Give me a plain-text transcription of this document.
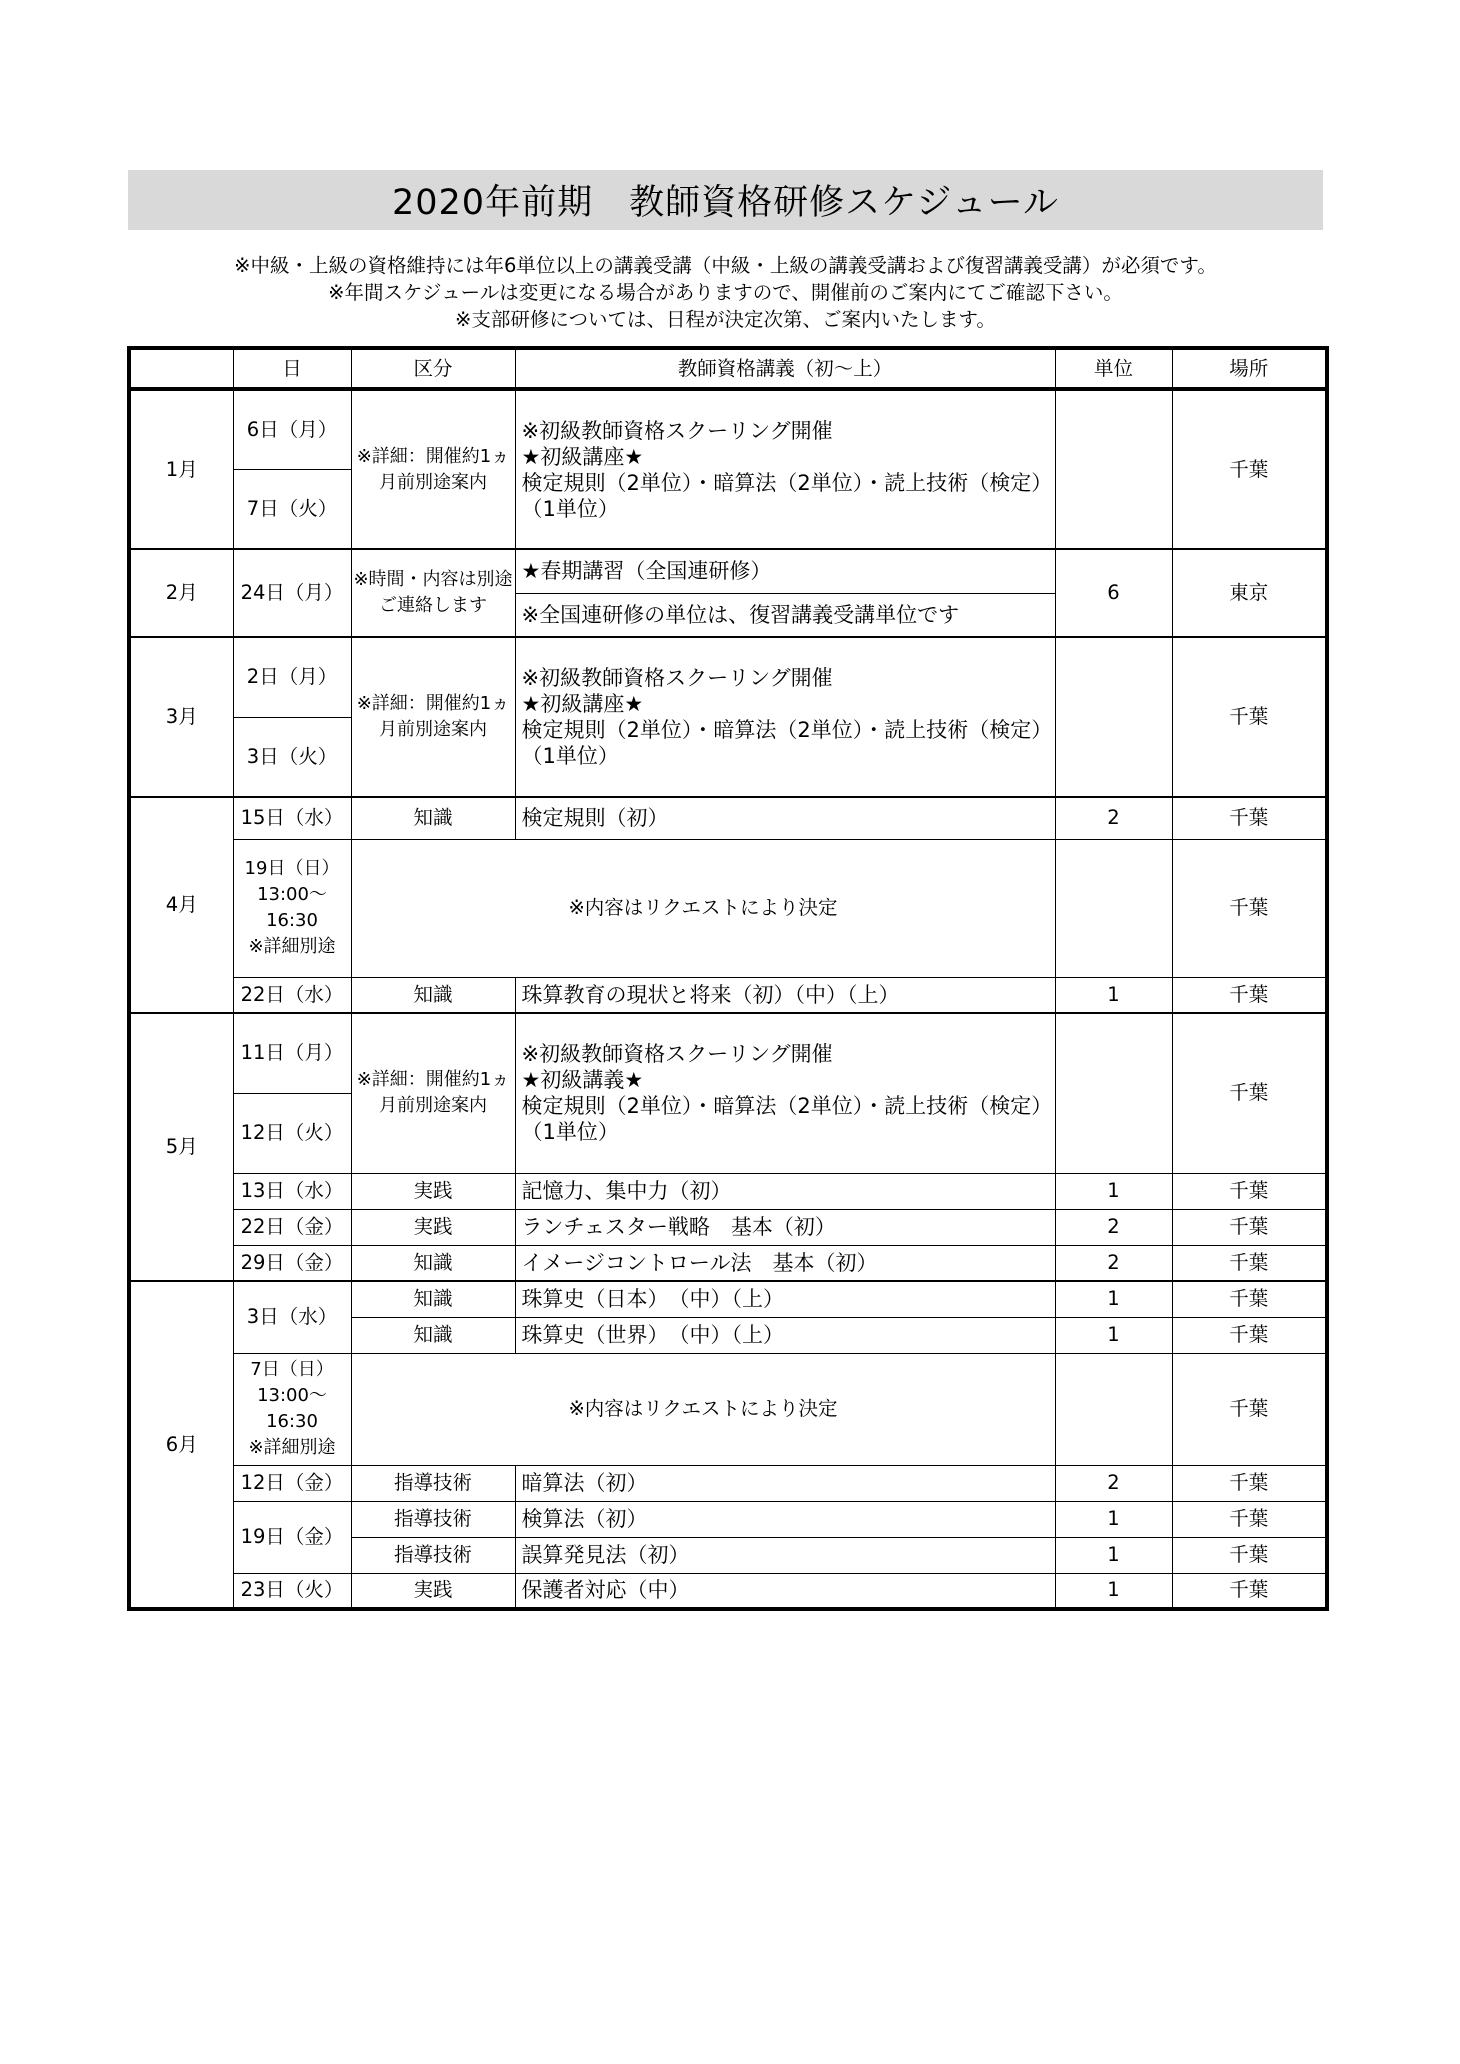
2020年前期　教師資格研修スケジュール
※中級・上級の資格維持には年6単位以上の講義受講（中級・上級の講義受講および復習講義受講）が必須です。
※年間スケジュールは変更になる場合がありますので、開催前のご案内にてご確認下さい。
※支部研修については、日程が決定次第、ご案内いたします。
	日	区分	教師資格講義（初～上）	単位	場所
1月	6日（月）	※詳細：開催約1ヵ月前別途案内	※初級教師資格スクーリング開催
★初級講座★
検定規則（2単位）・暗算法（2単位）・読上技術（検定）（1単位）		千葉
	7日（火）				
2月	24日（月）	※時間・内容は別途ご連絡します	★春期講習（全国連研修）	6	東京
			※全国連研修の単位は、復習講義受講単位です		
3月	2日（月）	※詳細：開催約1ヵ月前別途案内	※初級教師資格スクーリング開催
★初級講座★
検定規則（2単位）・暗算法（2単位）・読上技術（検定）（1単位）		千葉
	3日（火）				
4月	15日（水）	知識	検定規則（初）	2	千葉

	19日（日）
13:00～
16:30
※詳細別途	※内容はリクエストにより決定			千葉
	22日（水）	知識	珠算教育の現状と将来（初）（中）（上）	1	千葉
5月	11日（月）	※詳細：開催約1ヵ月前別途案内	※初級教師資格スクーリング開催
★初級講義★
検定規則（2単位）・暗算法（2単位）・読上技術（検定）（1単位）		千葉
	12日（火）				
	13日（水）	実践	記憶力、集中力（初）	1	千葉
	22日（金）	実践	ランチェスター戦略　基本（初）	2	千葉
	29日（金）	知識	イメージコントロール法　基本（初）	2	千葉
6月	3日（水）	知識	珠算史（日本）　（中）（上）	1	千葉
		知識	珠算史（世界）　（中）（上）	1	千葉

	7日（日）
13:00～
16:30
※詳細別途	※内容はリクエストにより決定			千葉
	12日（金）	指導技術	暗算法（初）	2	千葉
	19日（金）	指導技術	検算法（初）	1	千葉
		指導技術	誤算発見法（初）	1	千葉
	23日（火）	実践	保護者対応（中）	1	千葉
